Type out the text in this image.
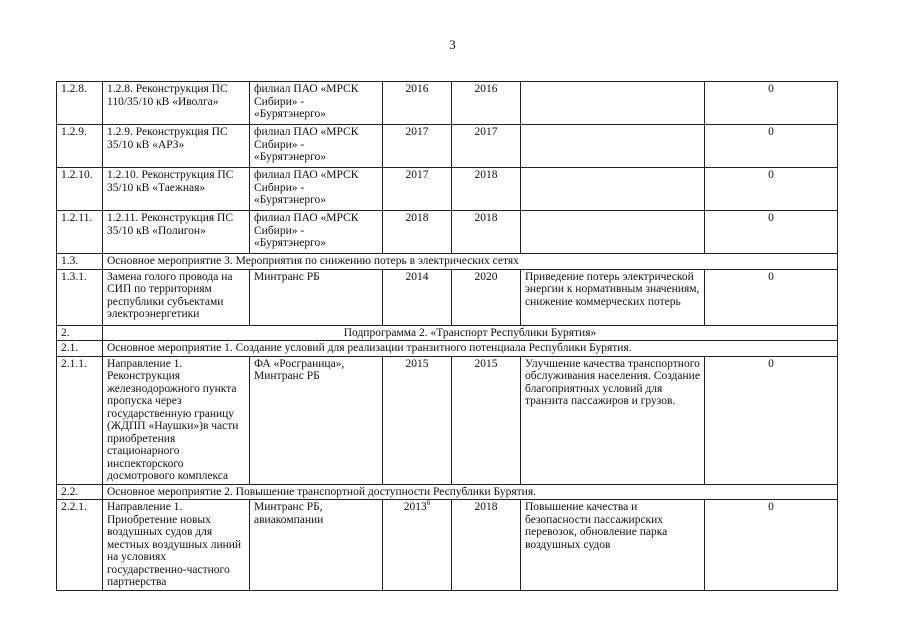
3
1.2.8.	1.2.8. Реконструкция ПС 110/35/10 кВ «Иволга»	филиал ПАО «МРСК Сибири» - «Бурятэнерго»	2016	2016		0
1.2.9.	1.2.9. Реконструкция ПС 35/10 кВ «АРЗ»	филиал ПАО «МРСК Сибири» - «Бурятэнерго»	2017	2017		0
1.2.10.	1.2.10. Реконструкция ПС 35/10 кВ «Таежная»	филиал ПАО «МРСК Сибири» - «Бурятэнерго»	2017	2018		0
1.2.11.	1.2.11. Реконструкция ПС 35/10 кВ «Полигон»	филиал ПАО «МРСК Сибири» - «Бурятэнерго»	2018	2018		0
1.3.	Основное мероприятие 3. Мероприятия по снижению потерь в электрических сетях					
1.3.1.	Замена голого провода на СИП по территориям республики субъектами электроэнергетики	Минтранс РБ	2014	2020	Приведение потерь электрической энергии к нормативным значениям, снижение коммерческих потерь	0
2.	Подпрограмма 2. «Транспорт Республики Бурятия»					
2.1.	Основное мероприятие 1. Создание условий для реализации транзитного потенциала Республики Бурятия.					
2.1.1.	Направление 1. Реконструкция железнодорожного пункта пропуска через государственную границу (ЖДПП «Наушки»)в части приобретения стационарного инспекторского досмотрового комплекса	ФА «Росграница», Минтранс РБ	2015	2015	Улучшение качества транспортного обслуживания населения. Создание благоприятных условий для транзита пассажиров и грузов.	0
2.2.	Основное мероприятие 2. Повышение транспортной доступности Республики Бурятия.					
2.2.1.	Направление 1. Приобретение новых воздушных судов для местных воздушных линий на условиях государственно-частного партнерства	Минтранс РБ, авиакомпании	2013$^6$	2018	Повышение качества и безопасности пассажирских перевозок, обновление парка воздушных судов	0
